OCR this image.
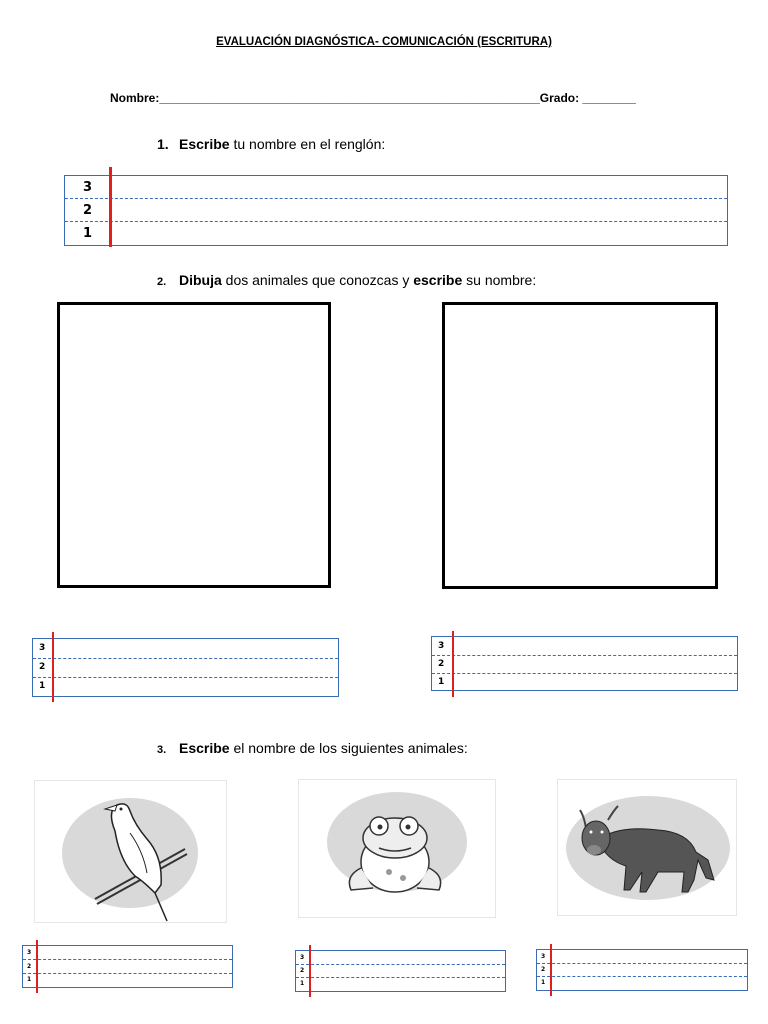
EVALUACIÓN DIAGNÓSTICA- COMUNICACIÓN (ESCRITURA)
Nombre:_________________________________________________________Grado: ________
1. Escribe tu nombre en el renglón:
3
2
1
2. Dibuja dos animales que conozcas y escribe su nombre:
3
2
1
3
2
1
3. Escribe el nombre de los siguientes animales:
3
2
1
3
2
1
3
2
1
